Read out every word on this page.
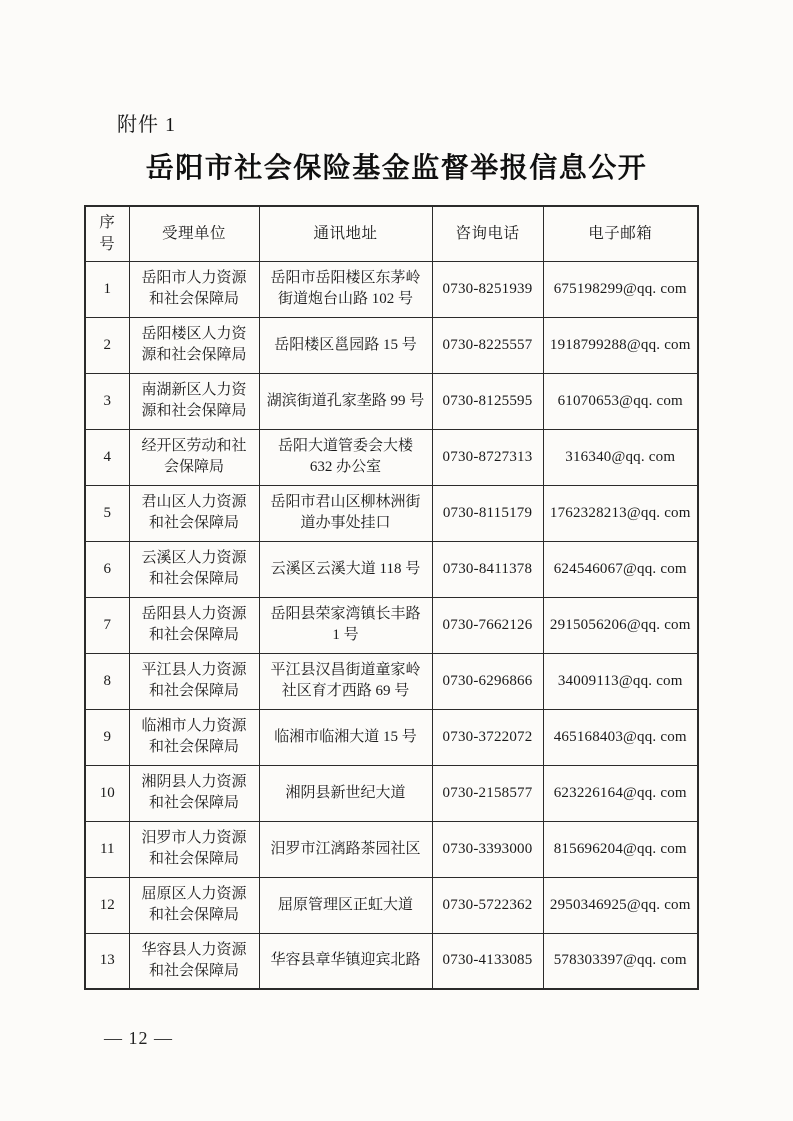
附件 1
岳阳市社会保险基金监督举报信息公开
序号	受理单位	通讯地址	咨询电话	电子邮箱
1	岳阳市人力资源和社会保障局	岳阳市岳阳楼区东茅岭街道炮台山路 102 号	0730-8251939	675198299@qq. com
2	岳阳楼区人力资源和社会保障局	岳阳楼区邕园路 15 号	0730-8225557	1918799288@qq. com
3	南湖新区人力资源和社会保障局	湖滨街道孔家垄路 99 号	0730-8125595	61070653@qq. com
4	经开区劳动和社会保障局	岳阳大道管委会大楼 632 办公室	0730-8727313	316340@qq. com
5	君山区人力资源和社会保障局	岳阳市君山区柳林洲街道办事处挂口	0730-8115179	1762328213@qq. com
6	云溪区人力资源和社会保障局	云溪区云溪大道 118 号	0730-8411378	624546067@qq. com
7	岳阳县人力资源和社会保障局	岳阳县荣家湾镇长丰路 1 号	0730-7662126	2915056206@qq. com
8	平江县人力资源和社会保障局	平江县汉昌街道童家岭社区育才西路 69 号	0730-6296866	34009113@qq. com
9	临湘市人力资源和社会保障局	临湘市临湘大道 15 号	0730-3722072	465168403@qq. com
10	湘阴县人力资源和社会保障局	湘阴县新世纪大道	0730-2158577	623226164@qq. com
11	汨罗市人力资源和社会保障局	汨罗市江漓路茶园社区	0730-3393000	815696204@qq. com
12	屈原区人力资源和社会保障局	屈原管理区正虹大道	0730-5722362	2950346925@qq. com
13	华容县人力资源和社会保障局	华容县章华镇迎宾北路	0730-4133085	578303397@qq. com
— 12 —
